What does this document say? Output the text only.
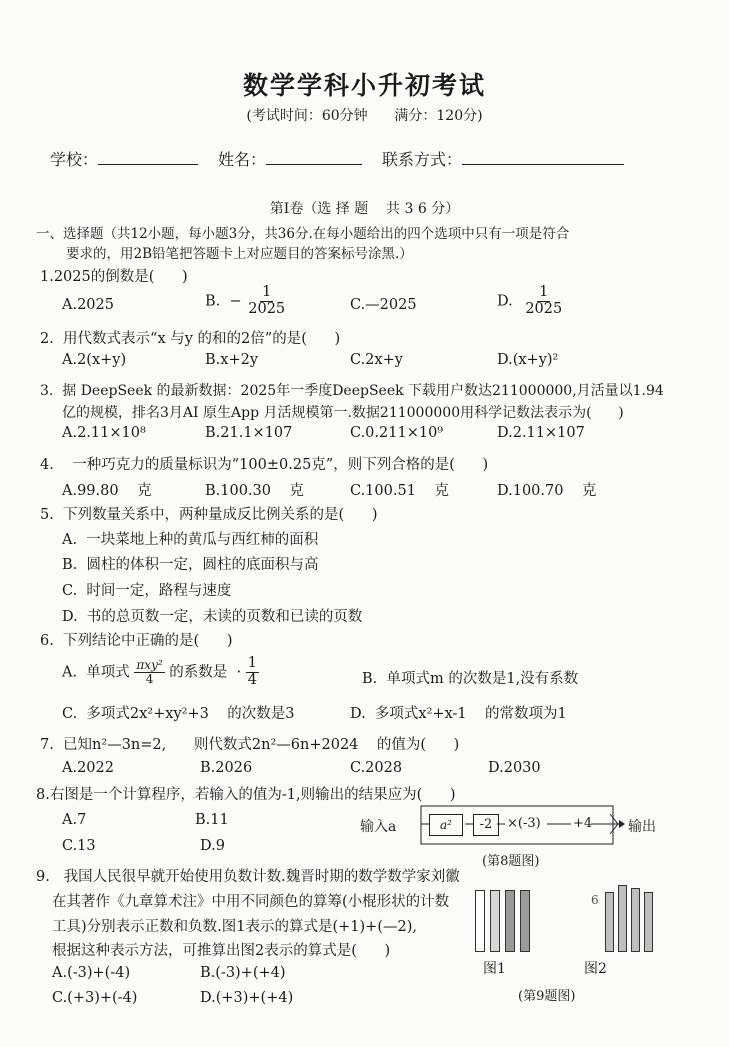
数学学科小升初考试
(考试时间：60分钟      满分：120分)
学校：	姓名：	联系方式：
第Ⅰ卷（选 择 题    共 3 6 分）
一、选择题（共12小题，每小题3分，共36分.在每小题给出的四个选项中只有一项是符合
要求的，用2B铅笔把答题卡上对应题目的答案标号涂黑.）
1.2025的倒数是(      )
A.2025	B.  − $\frac{1}{2025}$	C.—2025	D. $\frac{1}{2025}$
2.  用代数式表示“x 与y 的和的2倍”的是(      )
A.2(x+y)	B.x+2y	C.2x+y	D.(x+y)²
3.  据 DeepSeek 的最新数据：2025年一季度DeepSeek 下载用户数达211000000,月活量以1.94
亿的规模，排名3月AI 原生App 月活规模第一.数据211000000用科学记数法表示为(      )
A.2.11×10⁸	B.21.1×107	C.0.211×10⁹	D.2.11×107
4.    一种巧克力的质量标识为“100±0.25克”，则下列合格的是(      )
A.99.80    克	B.100.30    克	C.100.51    克	D.100.70    克
5.  下列数量关系中，两种量成反比例关系的是(      )
A.  一块菜地上种的黄瓜与西红柿的面积
B.  圆柱的体积一定，圆柱的底面积与高
C.  时间一定，路程与速度
D.  书的总页数一定，未读的页数和已读的页数
6.  下列结论中正确的是(      )
A.  单项式 $\frac{\text{πxy²}}{4}$ 的系数是  · $\frac{1}{4}$	B.  单项式m 的次数是1,没有系数
C.  多项式2x²+xy²+3    的次数是3	D.  多项式x²+x-1    的常数项为1
7.  已知n²—3n=2,      则代数式2n²—6n+2024    的值为(      )
A.2022	B.2026	C.2028	D.2030
8.右图是一个计算程序，若输入的值为-1,则输出的结果应为(      )
A.7	B.11
C.13	D.9
输入a	a²	-2	×(-3) +4	输出
(第8题图)
9.   我国人民很早就开始使用负数计数.魏晋时期的数学数学家刘徽
在其著作《九章算术注》中用不同颜色的算筹(小棍形状的计数
工具)分别表示正数和负数.图1表示的算式是(+1)+(—2),
根据这种表示方法，可推算出图2表示的算式是(      )
A.(-3)+(-4)	B.(-3)+(+4)
C.(+3)+(-4)	D.(+3)+(+4)
6
图1	图2
(第9题图)
